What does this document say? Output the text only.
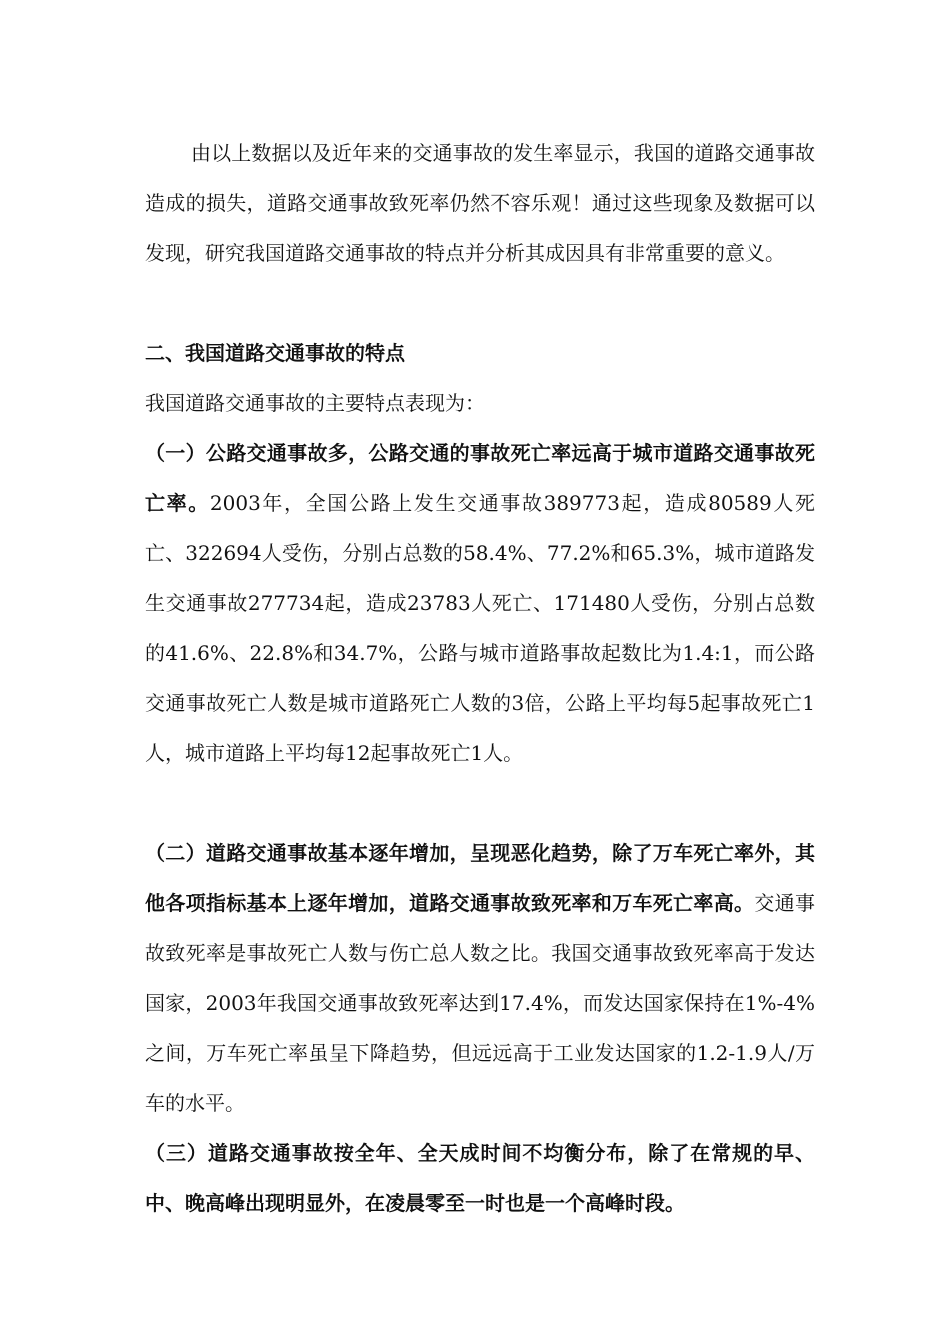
由以上数据以及近年来的交通事故的发生率显示，我国的道路交通事故造成的损失，道路交通事故致死率仍然不容乐观！通过这些现象及数据可以发现，研究我国道路交通事故的特点并分析其成因具有非常重要的意义。

二、我国道路交通事故的特点

我国道路交通事故的主要特点表现为：

（一）公路交通事故多，公路交通的事故死亡率远高于城市道路交通事故死亡率。2003年，全国公路上发生交通事故389773起，造成80589人死亡、322694人受伤，分别占总数的58.4%、77.2%和65.3%，城市道路发生交通事故277734起，造成23783人死亡、171480人受伤，分别占总数的41.6%、22.8%和34.7%，公路与城市道路事故起数比为1.4:1，而公路交通事故死亡人数是城市道路死亡人数的3倍，公路上平均每5起事故死亡1人，城市道路上平均每12起事故死亡1人。

（二）道路交通事故基本逐年增加，呈现恶化趋势，除了万车死亡率外，其他各项指标基本上逐年增加，道路交通事故致死率和万车死亡率高。交通事故致死率是事故死亡人数与伤亡总人数之比。我国交通事故致死率高于发达国家，2003年我国交通事故致死率达到17.4%，而发达国家保持在1%-4%之间，万车死亡率虽呈下降趋势，但远远高于工业发达国家的1.2-1.9人/万车的水平。

（三）道路交通事故按全年、全天成时间不均衡分布，除了在常规的早、中、晚高峰出现明显外，在凌晨零至一时也是一个高峰时段。
